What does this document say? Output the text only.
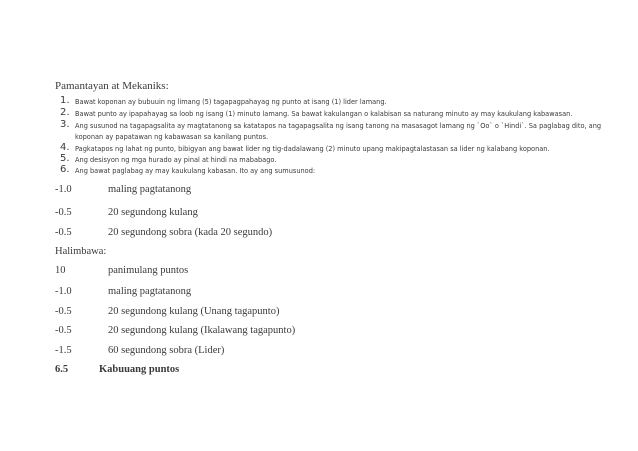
Pamantayan at Mekaniks:
1. Bawat koponan ay bubuuin ng limang (5) tagapagpahayag ng punto at isang (1) lider lamang.
2. Bawat punto ay ipapahayag sa loob ng isang (1) minuto lamang. Sa bawat kakulangan o kalabisan sa naturang minuto ay may kaukulang kabawasan.
3. Ang susunod na tagapagsalita ay magtatanong sa katatapos na tagapagsalita ng isang tanong na masasagot lamang ng `Oo` o `Hindi`. Sa paglabag dito, ang koponan ay papatawan ng kabawasan sa kanilang puntos.
4. Pagkatapos ng lahat ng punto, bibigyan ang bawat lider ng tig-dadalawang (2) minuto upang makipagtalastasan sa lider ng kalabang koponan.
5. Ang desisyon ng mga hurado ay pinal at hindi na mababago.
6. Ang bawat paglabag ay may kaukulang kabasan. Ito ay ang sumusunod:
-1.0	maling pagtatanong
-0.5	20 segundong kulang
-0.5	20 segundong sobra (kada 20 segundo)
Halimbawa:
10	panimulang puntos
-1.0	maling pagtatanong
-0.5	20 segundong kulang (Unang tagapunto)
-0.5	20 segundong kulang (Ikalawang tagapunto)
-1.5	60 segundong sobra (Lider)
6.5	Kabuuang puntos
